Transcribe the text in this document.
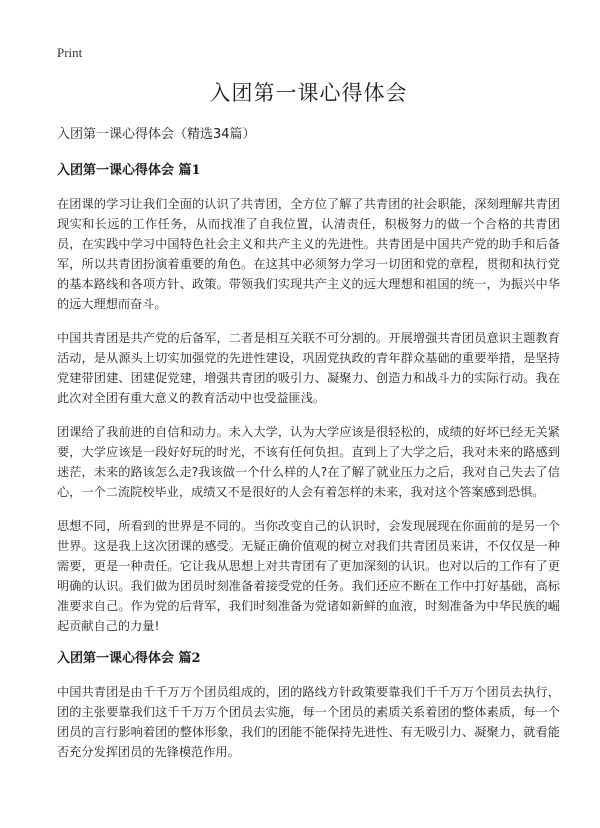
Print
入团第一课心得体会
入团第一课心得体会（精选34篇）
入团第一课心得体会 篇1

在团课的学习让我们全面的认识了共青团，全方位了解了共青团的社会职能，深刻理解共青团现实和长远的工作任务，从而找准了自我位置，认清责任，积极努力的做一个合格的共青团员，在实践中学习中国特色社会主义和共产主义的先进性。共青团是中国共产党的助手和后备军，所以共青团扮演着重要的角色。在这其中必须努力学习一切团和党的章程，贯彻和执行党的基本路线和各项方针、政策。带领我们实现共产主义的远大理想和祖国的统一，为振兴中华的远大理想而奋斗。

中国共青团是共产党的后备军，二者是相互关联不可分割的。开展增强共青团员意识主题教育活动，是从源头上切实加强党的先进性建设，巩固党执政的青年群众基础的重要举措，是坚持党建带团建、团建促党建，增强共青团的吸引力、凝聚力、创造力和战斗力的实际行动。我在此次对全团有重大意义的教育活动中也受益匪浅。

团课给了我前进的自信和动力。未入大学，认为大学应该是很轻松的，成绩的好坏已经无关紧要，大学应该是一段好好玩的时光，不该有任何负担。直到上了大学之后，我对未来的路感到迷茫，未来的路该怎么走?我该做一个什么样的人?在了解了就业压力之后，我对自己失去了信心，一个二流院校毕业，成绩又不是很好的人会有着怎样的未来，我对这个答案感到恐惧。

思想不同，所看到的世界是不同的。当你改变自己的认识时，会发现展现在你面前的是另一个世界。这是我上这次团课的感受。无疑正确价值观的树立对我们共青团员来讲，不仅仅是一种需要，更是一种责任。它让我从思想上对共青团有了更加深刻的认识。也对以后的工作有了更明确的认识。我们做为团员时刻准备着接受党的任务。我们还应不断在工作中打好基础，高标准要求自己。作为党的后背军，我们时刻准备为党诸如新鲜的血液，时刻准备为中华民族的崛起贡献自己的力量!

入团第一课心得体会 篇2

中国共青团是由千千万万个团员组成的，团的路线方针政策要靠我们千千万万个团员去执行，团的主张要靠我们这千千万万个团员去实施，每一个团员的素质关系着团的整体素质，每一个团员的言行影响着团的整体形象，我们的团能不能保持先进性、有无吸引力、凝聚力，就看能否充分发挥团员的先锋模范作用。
